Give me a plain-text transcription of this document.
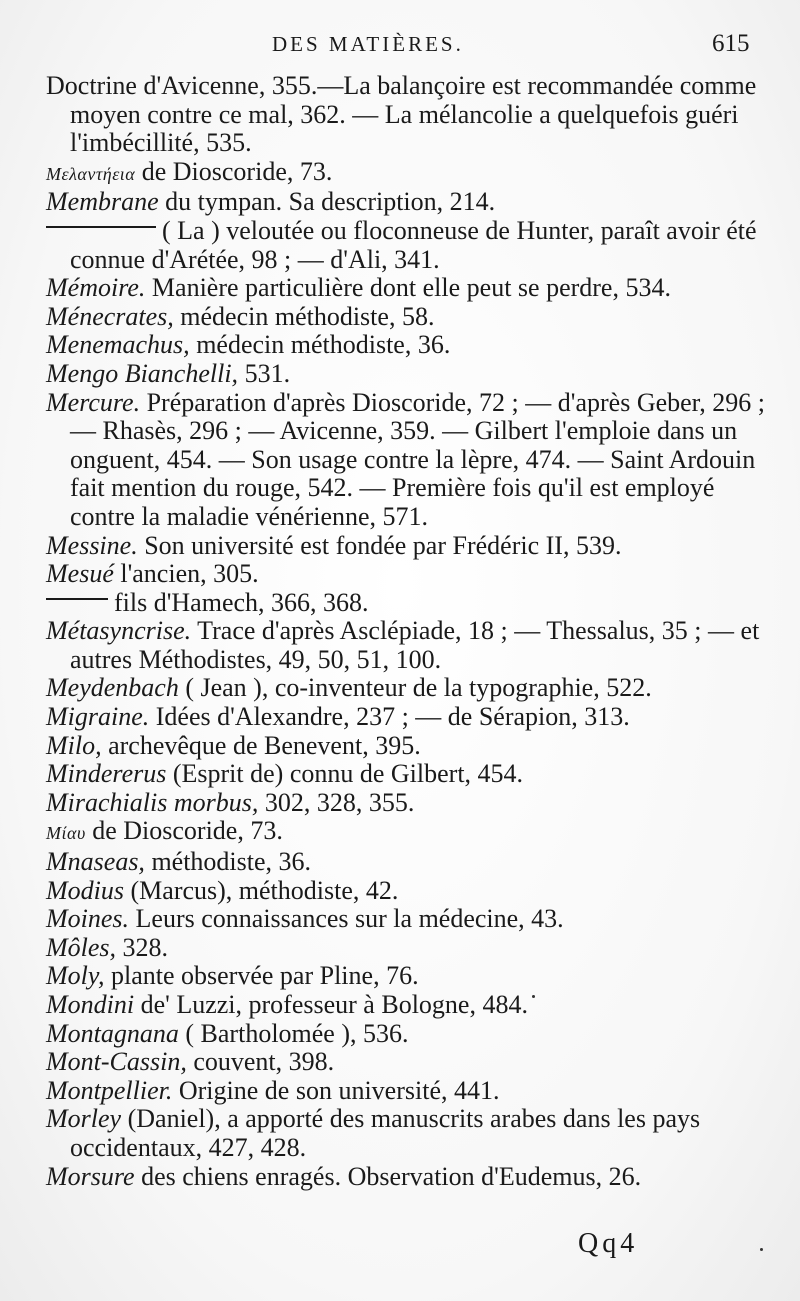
DES MATIÈRES.	615
Doctrine d'Avicenne, 355.—La balançoire est recommandée comme moyen contre ce mal, 362. — La mélancolie a quelquefois guéri l'imbécillité, 535.
Μελαντήεια de Dioscoride, 73.
Membrane du tympan. Sa description, 214.
( La ) veloutée ou floconneuse de Hunter, paraît avoir été connue d'Arétée, 98 ; — d'Ali, 341.
Mémoire. Manière particulière dont elle peut se perdre, 534.
Ménecrates, médecin méthodiste, 58.
Menemachus, médecin méthodiste, 36.
Mengo Bianchelli, 531.
Mercure. Préparation d'après Dioscoride, 72 ; — d'après Geber, 296 ; — Rhasès, 296 ; — Avicenne, 359. — Gilbert l'emploie dans un onguent, 454. — Son usage contre la lèpre, 474. — Saint Ardouin fait mention du rouge, 542. — Première fois qu'il est employé contre la maladie vénérienne, 571.
Messine. Son université est fondée par Frédéric II, 539.
Mesué l'ancien, 305.
fils d'Hamech, 366, 368.
Métasyncrise. Trace d'après Asclépiade, 18 ; — Thessalus, 35 ; — et autres Méthodistes, 49, 50, 51, 100.
Meydenbach ( Jean ), co-inventeur de la typographie, 522.
Migraine. Idées d'Alexandre, 237 ; — de Sérapion, 313.
Milo, archevêque de Benevent, 395.
Mindererus (Esprit de) connu de Gilbert, 454.
Mirachialis morbus, 302, 328, 355.
Μίαυ de Dioscoride, 73.
Mnaseas, méthodiste, 36.
Modius (Marcus), méthodiste, 42.
Moines. Leurs connaissances sur la médecine, 43.
Môles, 328.
Moly, plante observée par Pline, 76.
Mondini de' Luzzi, professeur à Bologne, 484.
Montagnana ( Bartholomée ), 536.
Mont-Cassin, couvent, 398.
Montpellier. Origine de son université, 441.
Morley (Daniel), a apporté des manuscrits arabes dans les pays occidentaux, 427, 428.
Morsure des chiens enragés. Observation d'Eudemus, 26.
Qq4
